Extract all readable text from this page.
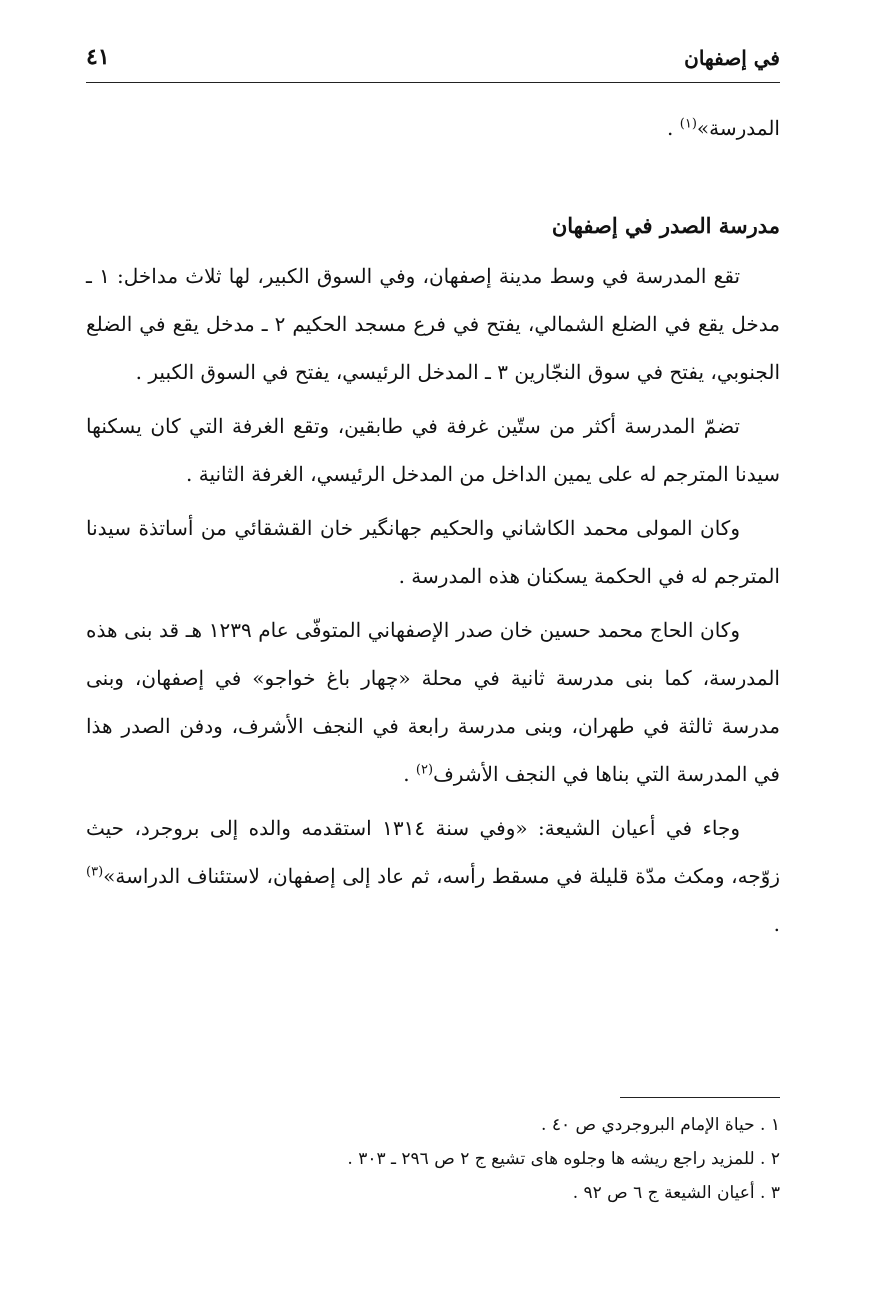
في إصفهان
٤١

المدرسة»$^{(١)}$ .

مدرسة الصدر في إصفهان

تقع المدرسة في وسط مدينة إصفهان، وفي السوق الكبير، لها ثلاث مداخل: ١ ـ مدخل يقع في الضلع الشمالي، يفتح في فرع مسجد الحكيم ٢ ـ مدخل يقع في الضلع الجنوبي، يفتح في سوق النجّارين ٣ ـ المدخل الرئيسي، يفتح في السوق الكبير .

تضمّ المدرسة أكثر من ستّين غرفة في طابقين، وتقع الغرفة التي كان يسكنها سيدنا المترجم له على يمين الداخل من المدخل الرئيسي، الغرفة الثانية .

وكان المولى محمد الكاشاني والحكيم جهانگير خان القشقائي من أساتذة سيدنا المترجم له في الحكمة يسكنان هذه المدرسة .

وكان الحاج محمد حسين خان صدر الإصفهاني المتوفّى عام ١٢٣٩ هـ قد بنى هذه المدرسة، كما بنى مدرسة ثانية في محلة «چهار باغ خواجو» في إصفهان، وبنى مدرسة ثالثة في طهران، وبنى مدرسة رابعة في النجف الأشرف، ودفن الصدر هذا في المدرسة التي بناها في النجف الأشرف$^{(٢)}$ .

وجاء في أعيان الشيعة: «وفي سنة ١٣١٤ استقدمه والده إلى بروجرد، حيث زوّجه، ومكث مدّة قليلة في مسقط رأسه، ثم عاد إلى إصفهان، لاستئناف الدراسة»$^{(٣)}$ .

١ . حياة الإمام البروجردي ص ٤٠ .
٢ . للمزيد راجع ريشه ها وجلوه هاى تشيع ج ٢ ص ٢٩٦ ـ ٣٠٣ .
٣ . أعيان الشيعة ج ٦ ص ٩٢ .
